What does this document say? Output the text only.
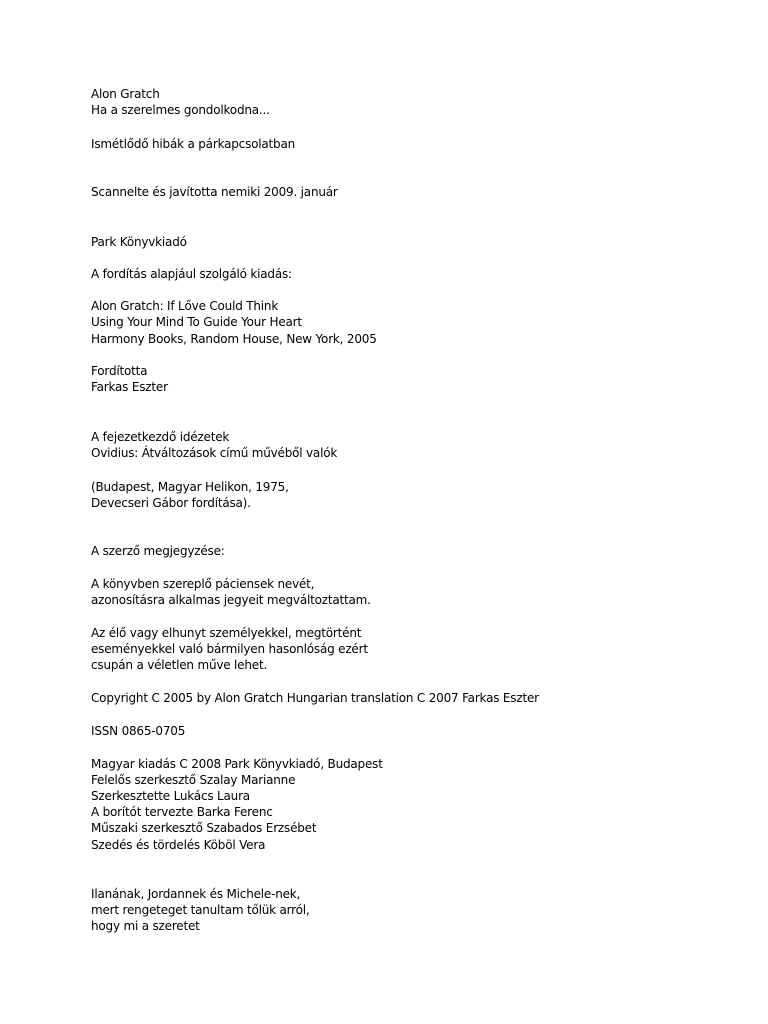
Alon Gratch
Ha a szerelmes gondolkodna...
Ismétlődő hibák a párkapcsolatban
Scannelte és javította nemiki 2009. január
Park Könyvkiadó
A fordítás alapjául szolgáló kiadás:
Alon Gratch: If Lőve Could Think
Using Your Mind To Guide Your Heart
Harmony Books, Random House, New York, 2005
Fordította
Farkas Eszter
A fejezetkezdő idézetek
Ovidius: Átváltozások című művéből valók
(Budapest, Magyar Helikon, 1975,
Devecseri Gábor fordítása).
A szerző megjegyzése:
A könyvben szereplő páciensek nevét,
azonosításra alkalmas jegyeit megváltoztattam.
Az élő vagy elhunyt személyekkel, megtörtént
eseményekkel való bármilyen hasonlóság ezért
csupán a véletlen műve lehet.
Copyright C 2005 by Alon Gratch Hungarian translation C 2007 Farkas Eszter
ISSN 0865-0705
Magyar kiadás C 2008 Park Könyvkiadó, Budapest
Felelős szerkesztő Szalay Marianne
Szerkesztette Lukács Laura
A borítót tervezte Barka Ferenc
Műszaki szerkesztő Szabados Erzsébet
Szedés és tördelés Köböl Vera
Ilanának, Jordannek és Michele-nek,
mert rengeteget tanultam tőlük arról,
hogy mi a szeretet
